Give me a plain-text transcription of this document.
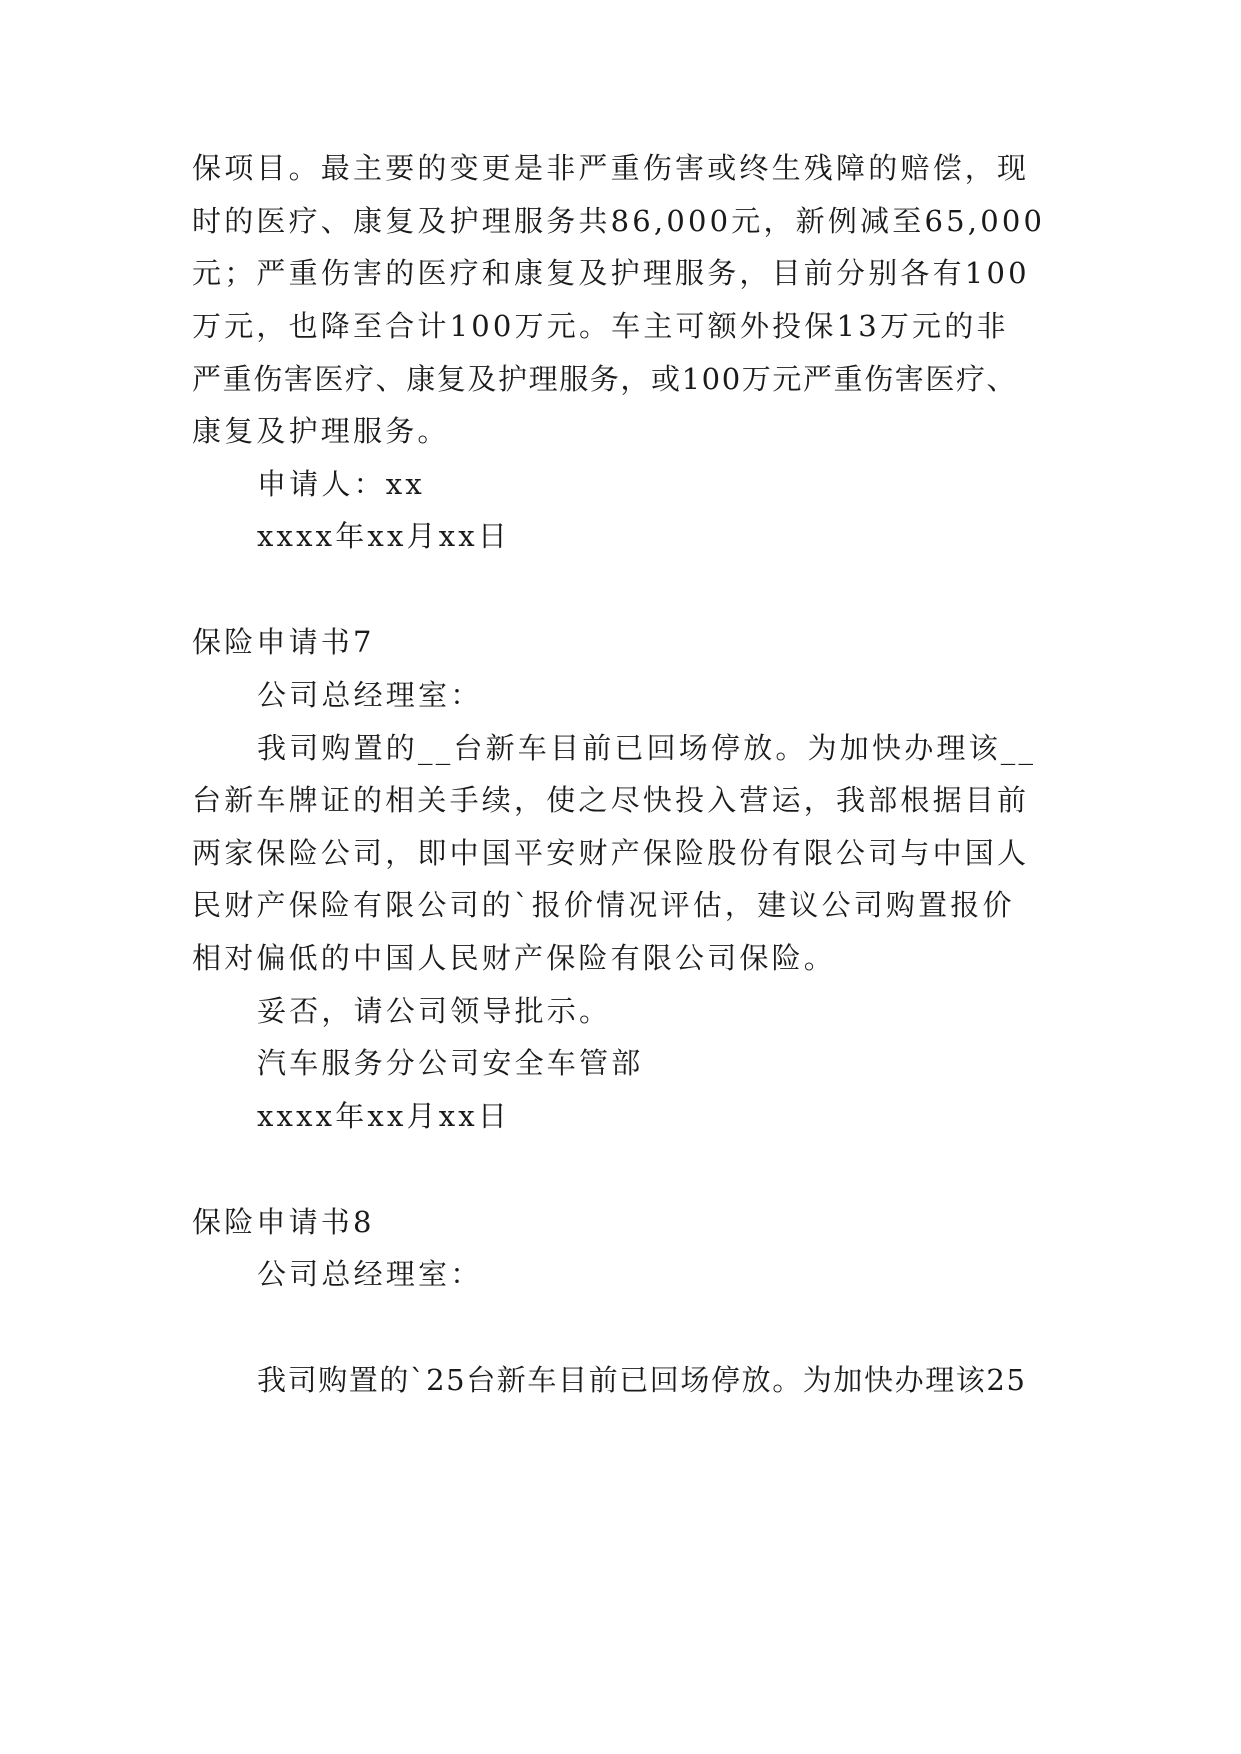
保项目。最主要的变更是非严重伤害或终生残障的赔偿，现
时的医疗、康复及护理服务共86,000元，新例减至65,000
元；严重伤害的医疗和康复及护理服务，目前分别各有100
万元，也降至合计100万元。车主可额外投保13万元的非
严重伤害医疗、康复及护理服务，或100万元严重伤害医疗、
康复及护理服务。
申请人：xx
xxxx年xx月xx日
保险申请书7
公司总经理室：
我司购置的__台新车目前已回场停放。为加快办理该__
台新车牌证的相关手续，使之尽快投入营运，我部根据目前
两家保险公司，即中国平安财产保险股份有限公司与中国人
民财产保险有限公司的`报价情况评估，建议公司购置报价
相对偏低的中国人民财产保险有限公司保险。
妥否，请公司领导批示。
汽车服务分公司安全车管部
xxxx年xx月xx日
保险申请书8
公司总经理室：
我司购置的`25台新车目前已回场停放。为加快办理该25
